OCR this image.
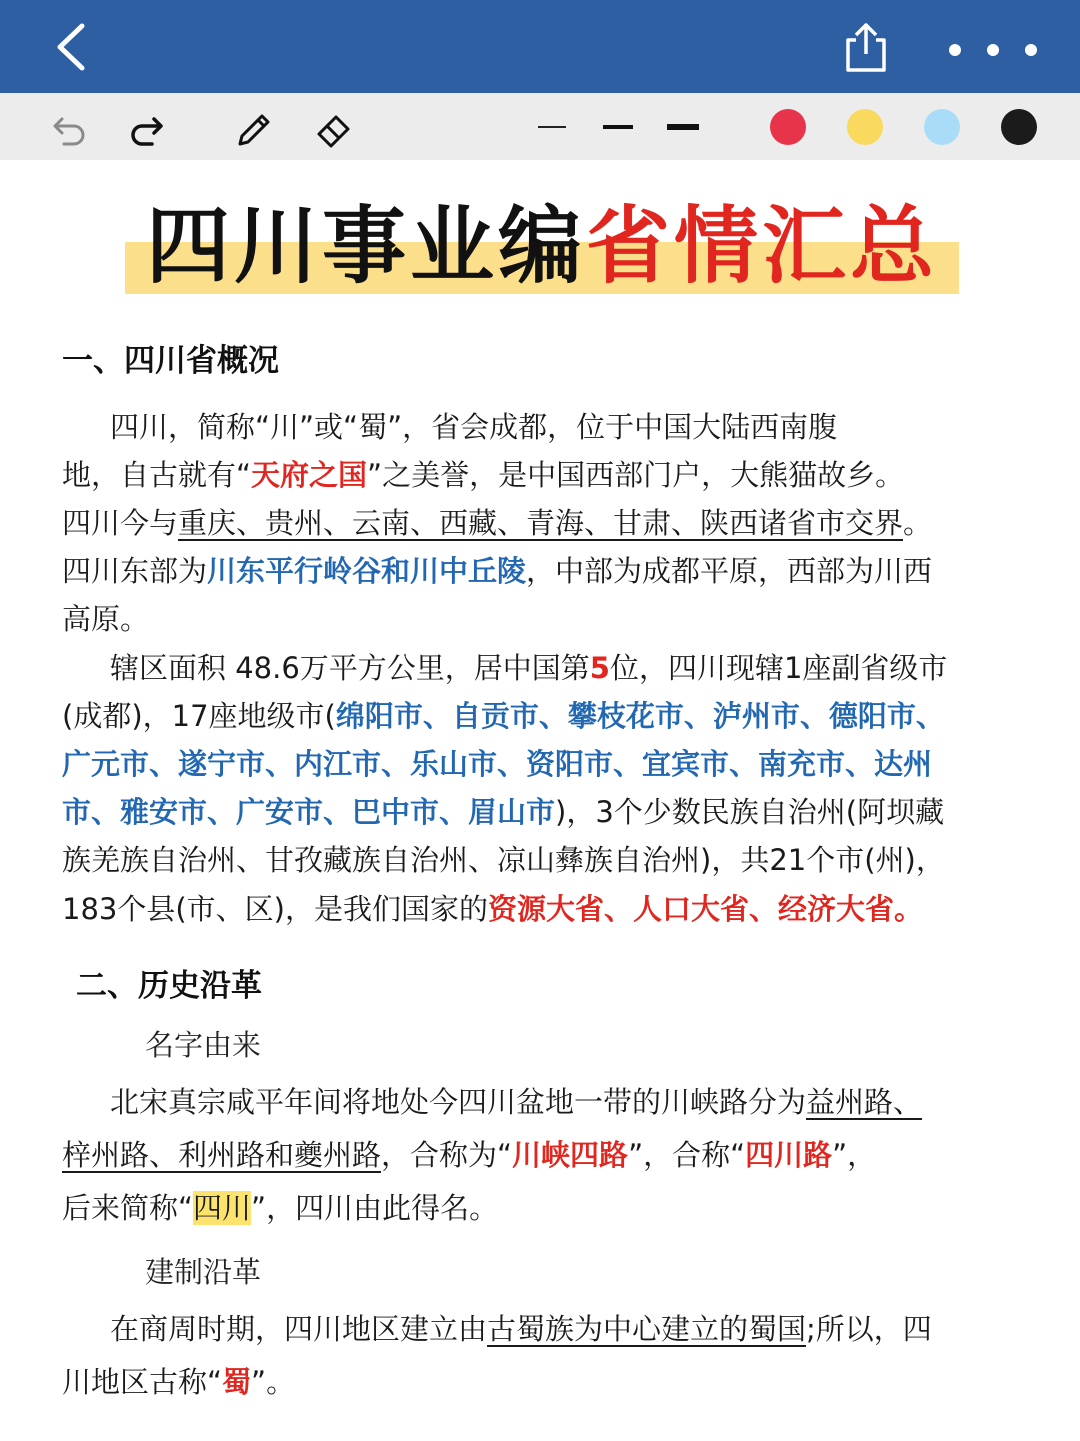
四川事业编省情汇总
一、四川省概况
四川，简称“川”或“蜀”，省会成都，位于中国大陆西南腹
地，自古就有“天府之国”之美誉，是中国西部门户，大熊猫故乡。
四川今与重庆、贵州、云南、西藏、青海、甘肃、陕西诸省市交界。
四川东部为川东平行岭谷和川中丘陵，中部为成都平原，西部为川西
高原。
辖区面积 48.6万平方公里，居中国第5位，四川现辖1座副省级市
(成都)，17座地级市(绵阳市、自贡市、攀枝花市、泸州市、德阳市、
广元市、遂宁市、内江市、乐山市、资阳市、宜宾市、南充市、达州
市、雅安市、广安市、巴中市、眉山市)，3个少数民族自治州(阿坝藏
族羌族自治州、甘孜藏族自治州、凉山彝族自治州)，共21个市(州)，
183个县(市、区)，是我们国家的资源大省、人口大省、经济大省。
二、历史沿革
名字由来
北宋真宗咸平年间将地处今四川盆地一带的川峡路分为益州路、
梓州路、利州路和夔州路，合称为“川峡四路”，合称“四川路”，
后来简称“四川”，四川由此得名。
建制沿革
在商周时期，四川地区建立由古蜀族为中心建立的蜀国;所以，四
川地区古称“蜀”。
